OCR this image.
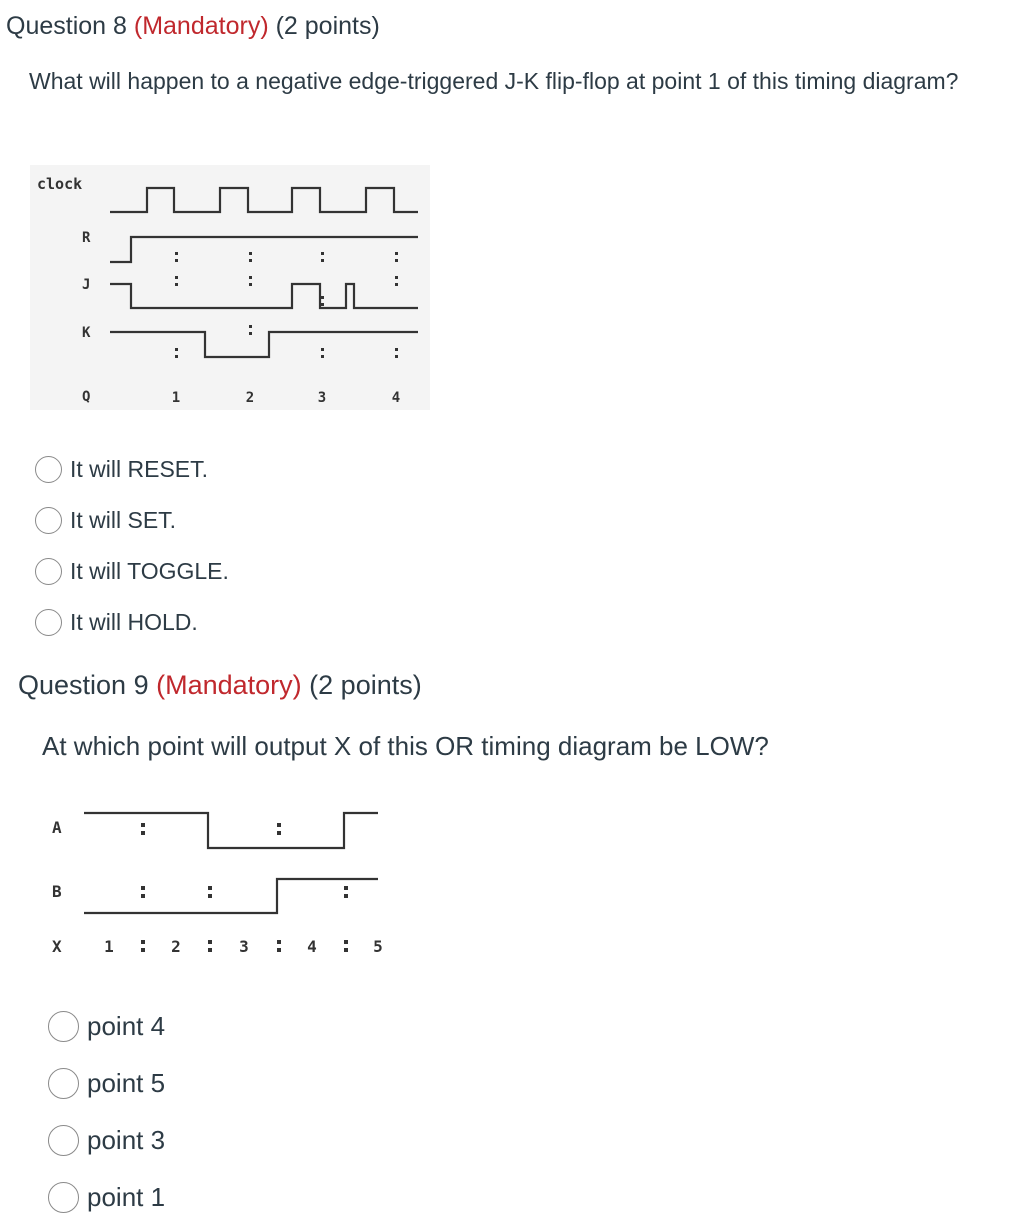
Question 8 (Mandatory) (2 points)
What will happen to a negative edge-triggered J-K flip-flop at point 1 of this timing diagram?
clock
R
J
K
Q	1	2	3	4
It will RESET.
It will SET.
It will TOGGLE.
It will HOLD.
Question 9 (Mandatory) (2 points)
At which point will output X of this OR timing diagram be LOW?
A
B
X	1	2	3	4	5
point 4
point 5
point 3
point 1
